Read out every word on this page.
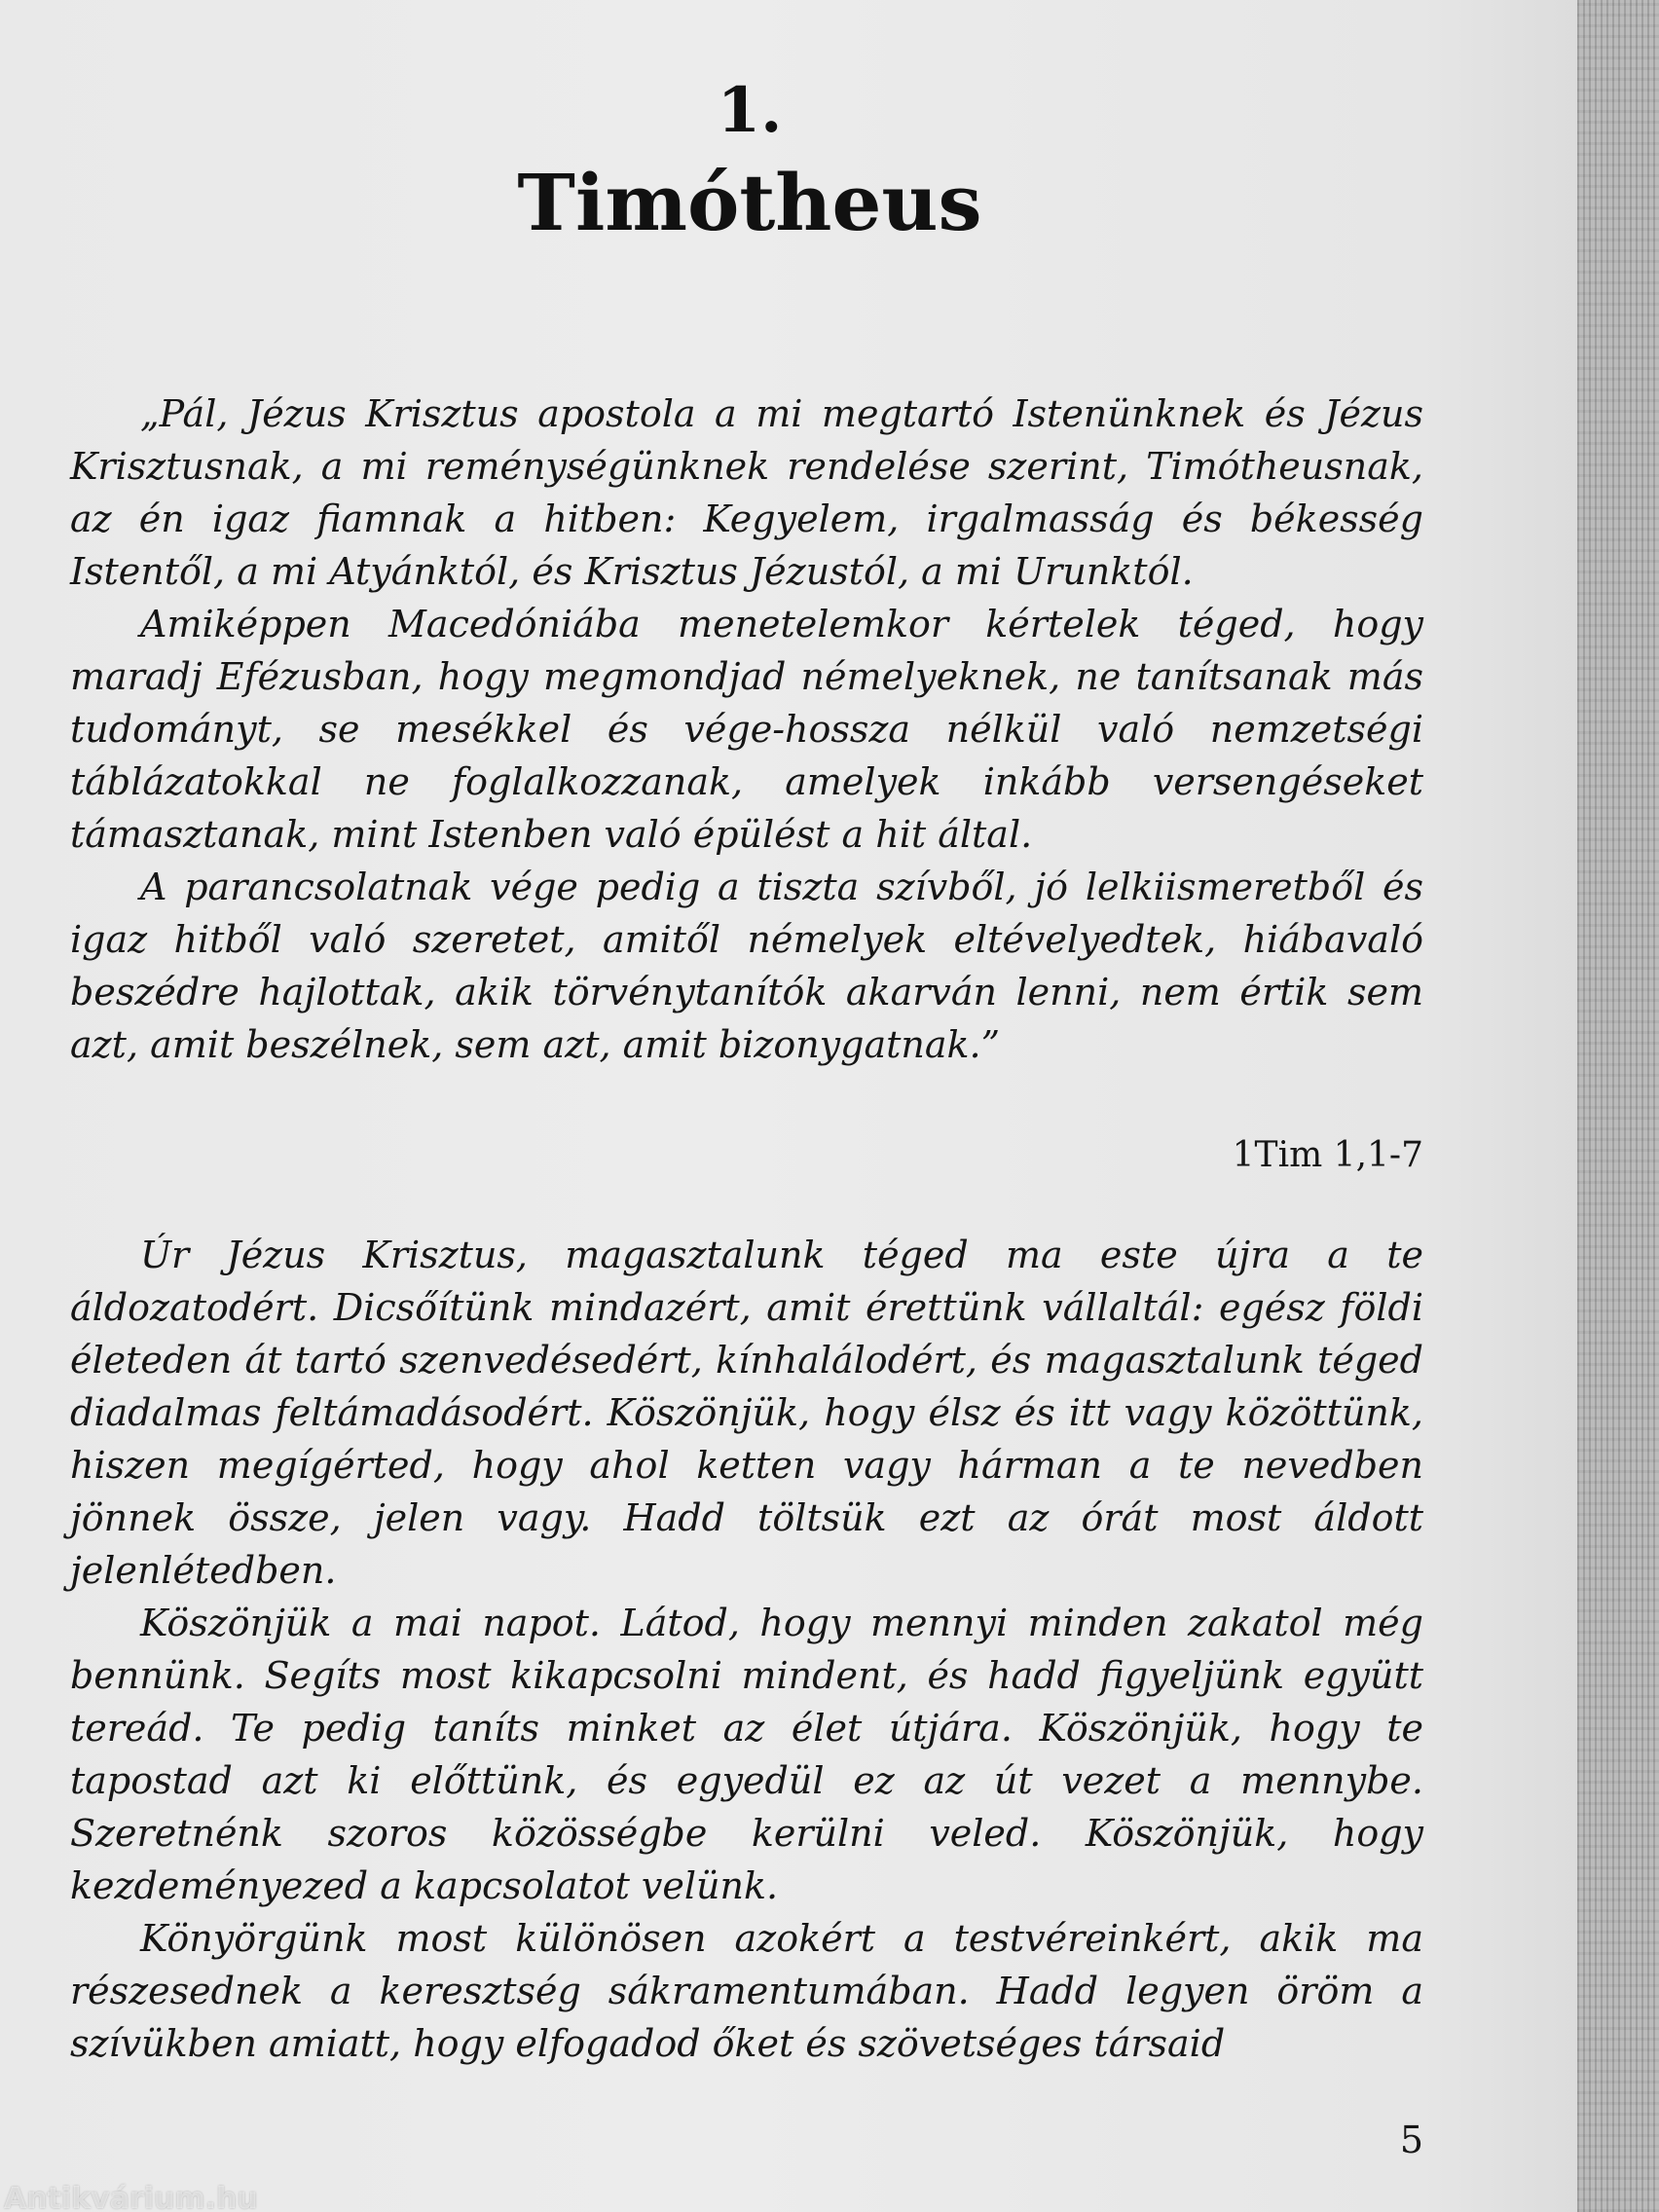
1.
Timótheus

„Pál, Jézus Krisztus apostola a mi megtartó Istenünknek és Jézus Krisztusnak, a mi reménységünknek rendelése szerint, Timótheusnak, az én igaz fiamnak a hitben: Kegyelem, irgalmasság és békesség Istentől, a mi Atyánktól, és Krisztus Jézustól, a mi Urunktól.

Amiképpen Macedóniába menetelemkor kértelek téged, hogy maradj Efézusban, hogy megmondjad némelyeknek, ne tanítsanak más tudományt, se mesékkel és vége-hossza nélkül való nemzetségi táblázatokkal ne foglalkozzanak, amelyek inkább versengéseket támasztanak, mint Istenben való épülést a hit által.

A parancsolatnak vége pedig a tiszta szívből, jó lelkiismeretből és igaz hitből való szeretet, amitől némelyek eltévelyedtek, hiábavaló beszédre hajlottak, akik törvénytanítók akarván lenni, nem értik sem azt, amit beszélnek, sem azt, amit bizonygatnak.”

1Tim 1,1-7

Úr Jézus Krisztus, magasztalunk téged ma este újra a te áldozatodért. Dicsőítünk mindazért, amit érettünk vállaltál: egész földi életeden át tartó szenvedésedért, kínhalálodért, és magasztalunk téged diadalmas feltámadásodért. Köszönjük, hogy élsz és itt vagy közöttünk, hiszen megígérted, hogy ahol ketten vagy hárman a te nevedben jönnek össze, jelen vagy. Hadd töltsük ezt az órát most áldott jelenlétedben.

Köszönjük a mai napot. Látod, hogy mennyi minden zakatol még bennünk. Segíts most kikapcsolni mindent, és hadd figyeljünk együtt tereád. Te pedig taníts minket az élet útjára. Köszönjük, hogy te tapostad azt ki előttünk, és egyedül ez az út vezet a mennybe. Szeretnénk szoros közösségbe kerülni veled. Köszönjük, hogy kezdeményezed a kapcsolatot velünk.

Könyörgünk most különösen azokért a testvéreinkért, akik ma részesednek a keresztség sákramentumában. Hadd legyen öröm a szívükben amiatt, hogy elfogadod őket és szövetséges társaid

5
Antikvárium.hu
